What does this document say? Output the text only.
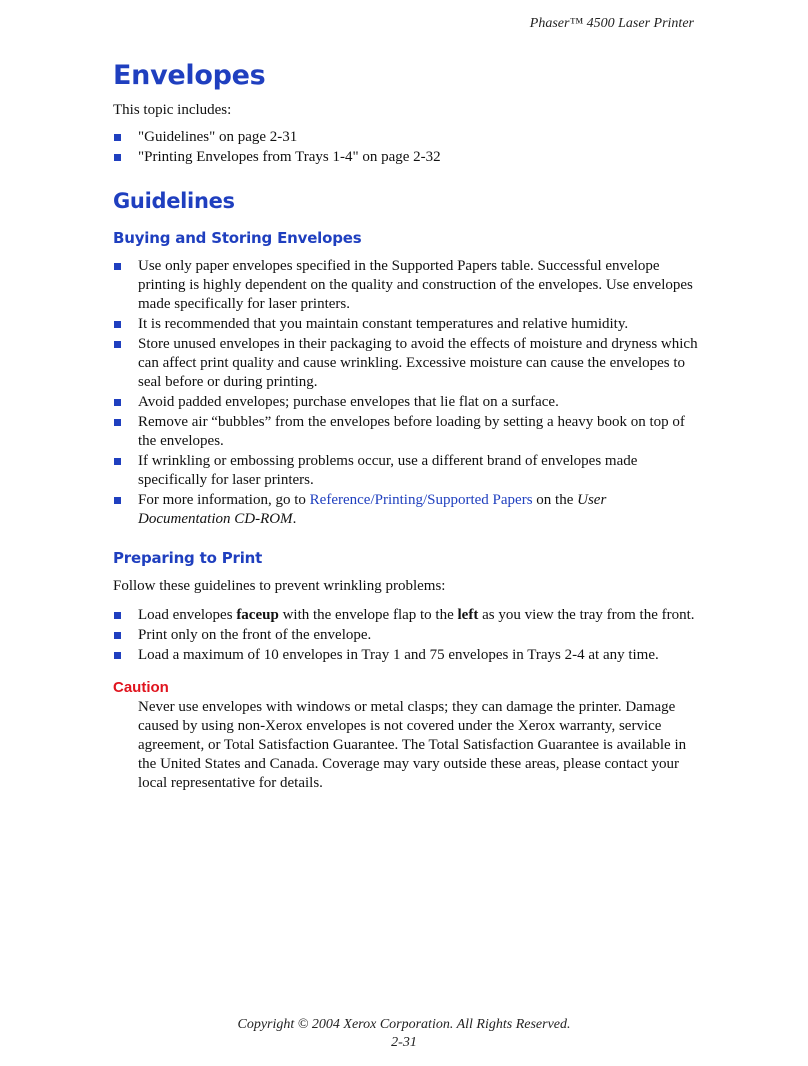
Phaser™ 4500 Laser Printer
Envelopes

This topic includes:

"Guidelines" on page 2-31
"Printing Envelopes from Trays 1-4" on page 2-32
Guidelines
Buying and Storing Envelopes
Use only paper envelopes specified in the Supported Papers table. Successful envelope printing is highly dependent on the quality and construction of the envelopes. Use envelopes made specifically for laser printers.
It is recommended that you maintain constant temperatures and relative humidity.
Store unused envelopes in their packaging to avoid the effects of moisture and dryness which can affect print quality and cause wrinkling. Excessive moisture can cause the envelopes to seal before or during printing.
Avoid padded envelopes; purchase envelopes that lie flat on a surface.
Remove air “bubbles” from the envelopes before loading by setting a heavy book on top of the envelopes.
If wrinkling or embossing problems occur, use a different brand of envelopes made specifically for laser printers.
For more information, go to Reference/Printing/Supported Papers on the User Documentation CD-ROM.
Preparing to Print

Follow these guidelines to prevent wrinkling problems:

Load envelopes faceup with the envelope flap to the left as you view the tray from the front.
Print only on the front of the envelope.
Load a maximum of 10 envelopes in Tray 1 and 75 envelopes in Trays 2-4 at any time.
Caution
Never use envelopes with windows or metal clasps; they can damage the printer. Damage caused by using non-Xerox envelopes is not covered under the Xerox warranty, service agreement, or Total Satisfaction Guarantee. The Total Satisfaction Guarantee is available in the United States and Canada. Coverage may vary outside these areas, please contact your local representative for details.
Copyright © 2004 Xerox Corporation. All Rights Reserved.
2-31
